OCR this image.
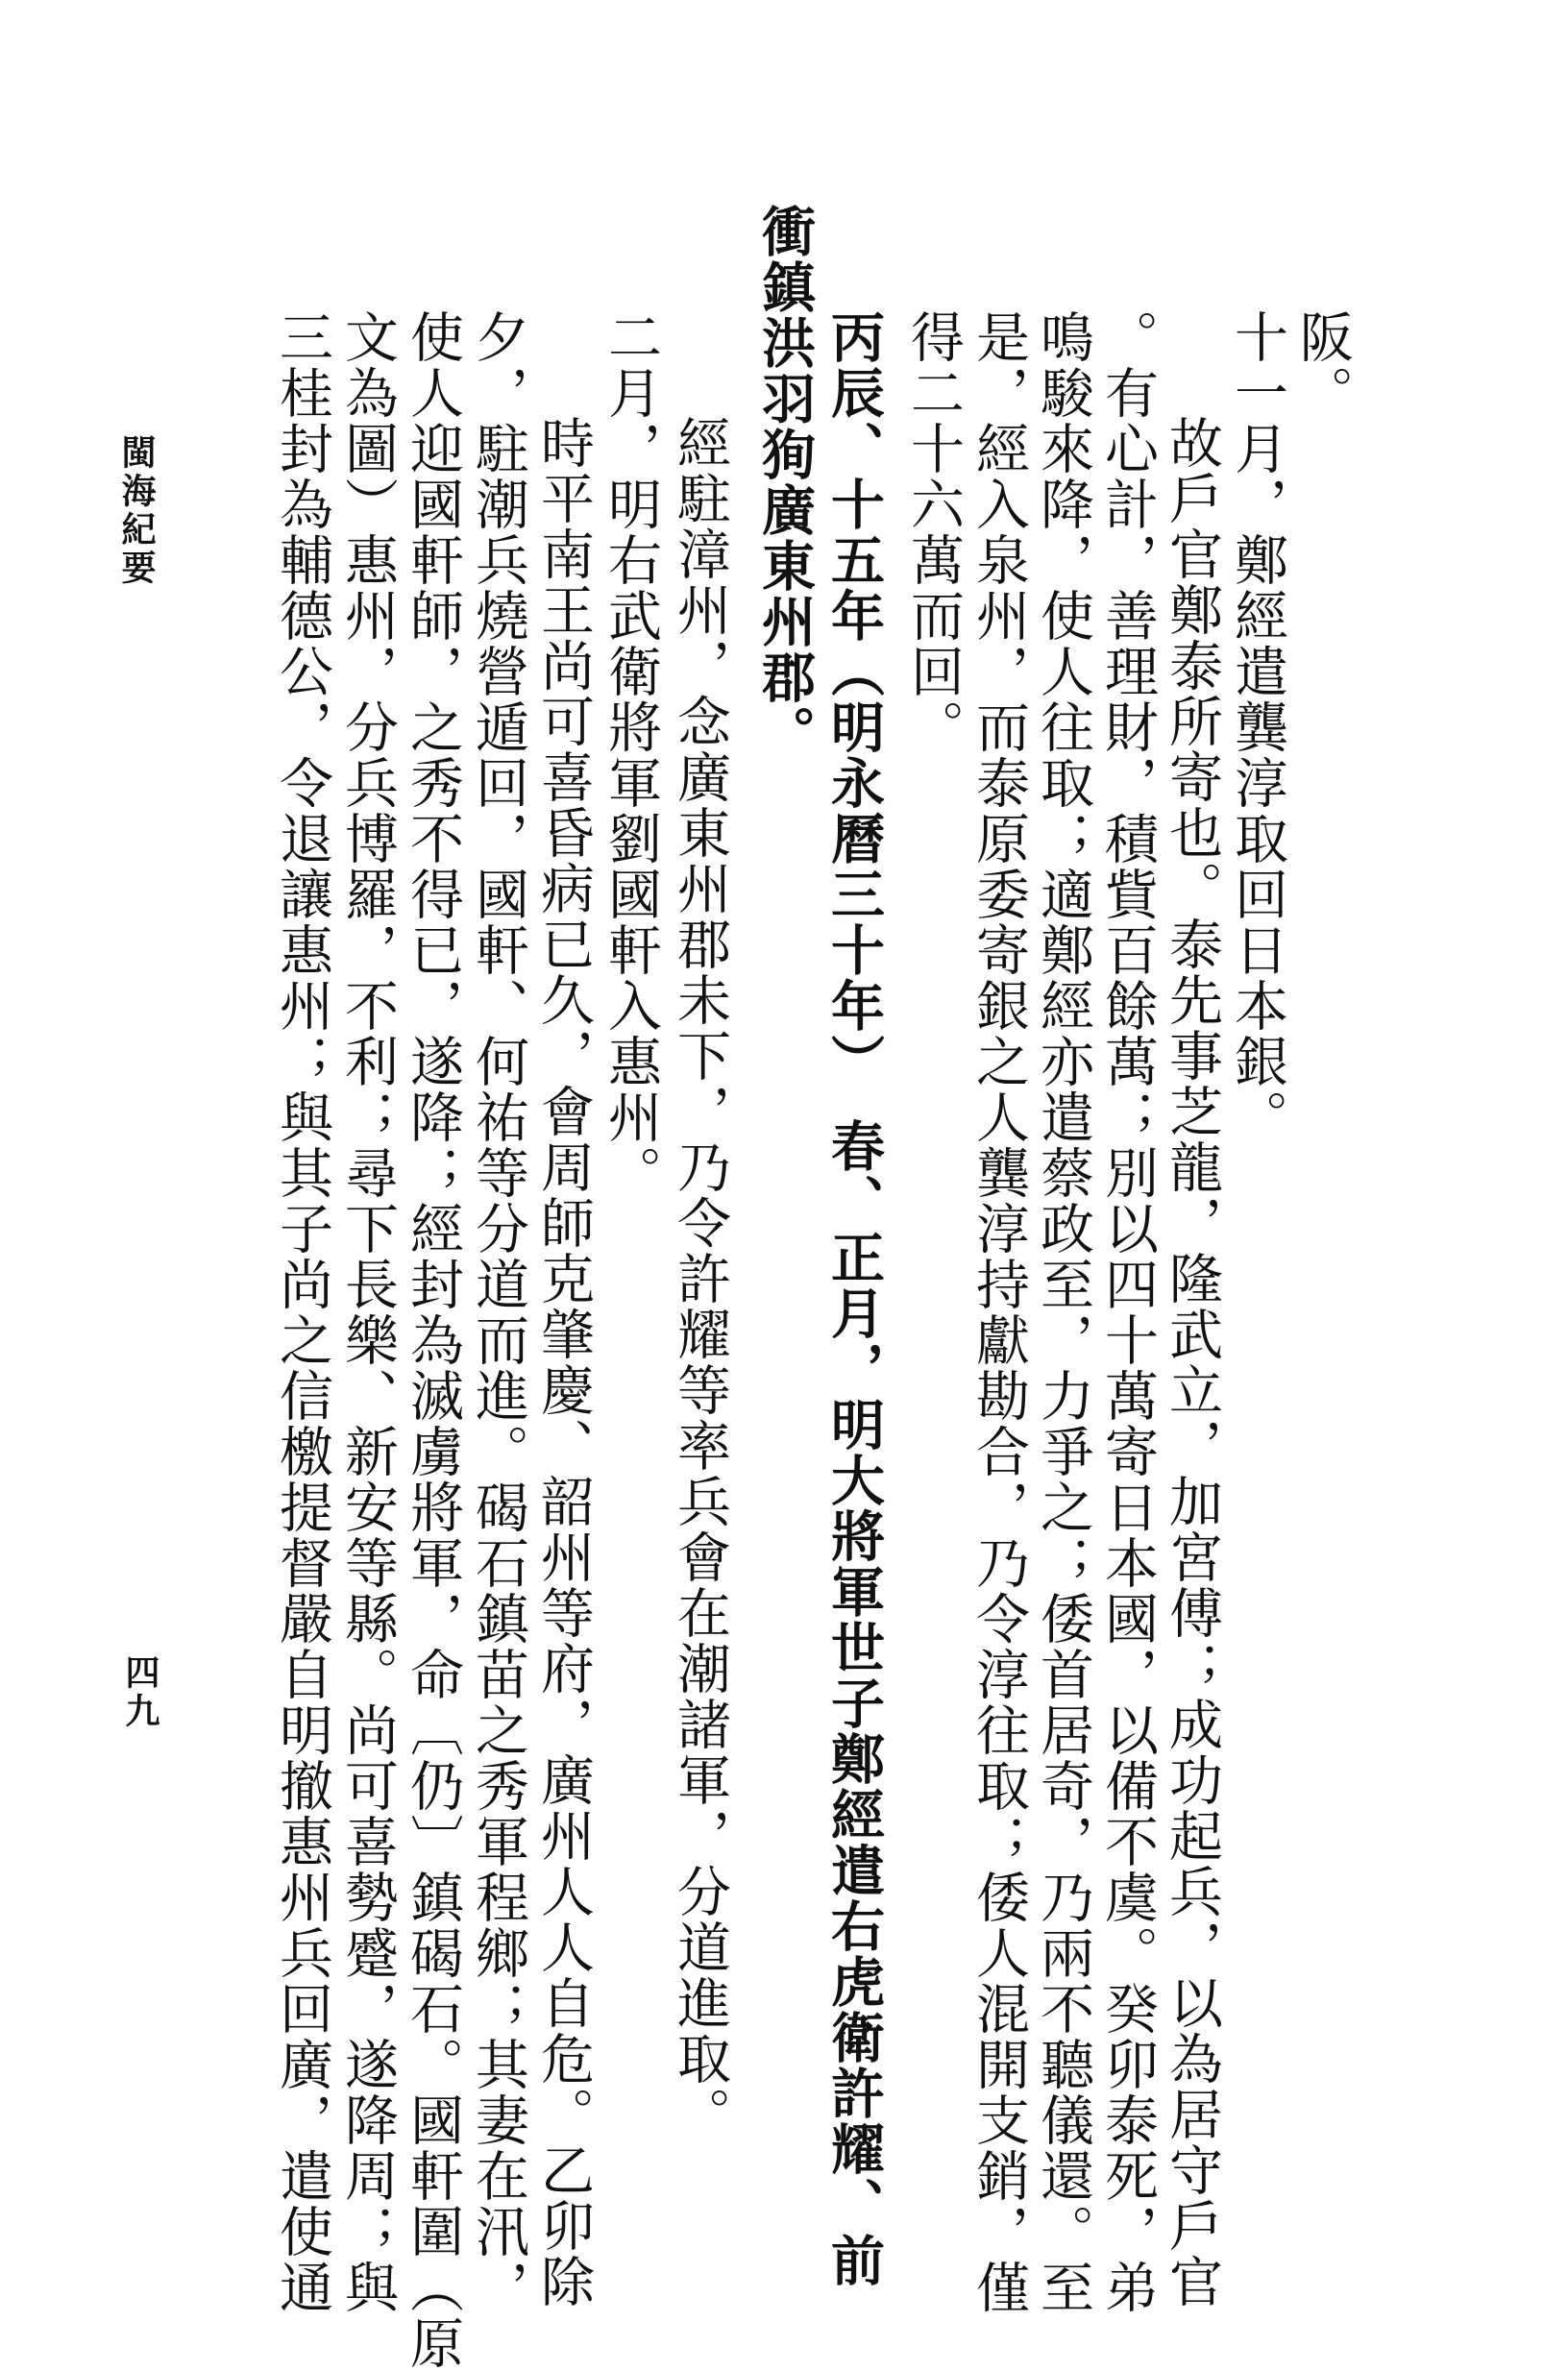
阪。
十一月，鄭經遣龔淳取回日本銀。
故戶官鄭泰所寄也。泰先事芝龍，隆武立，加宮傅；成功起兵，以為居守戶官
。有心計，善理財，積貲百餘萬；別以四十萬寄日本國，以備不虞。癸卯泰死，弟
鳴駿來降，使人往取；適鄭經亦遣蔡政至，力爭之；倭首居奇，乃兩不聽儀還。至
是，經入泉州，而泰原委寄銀之人龔淳持獻勘合，乃令淳往取；倭人混開支銷，僅
得二十六萬而回。
丙辰、十五年（明永曆三十年）　春、正月，明大將軍世子鄭經遣右虎衛許耀、前
衝鎮洪羽狥廣東州郡。
經駐漳州，念廣東州郡未下，乃令許耀等率兵會在潮諸軍，分道進取。
二月，明右武衛將軍劉國軒入惠州。
時平南王尚可喜昏病已久，會周師克肇慶、韶州等府，廣州人人自危。乙卯除
夕，駐潮兵燒營遁回，國軒、何祐等分道而進。碣石鎮苗之秀軍程鄉；其妻在汛，
使人迎國軒師，之秀不得已，遂降；經封為滅虜將軍，命〔仍〕鎮碣石。國軒圍（原
文為圖）惠州，分兵博羅，不利；尋下長樂、新安等縣。尚可喜勢蹙，遂降周；與
三桂封為輔德公，令退讓惠州；與其子尚之信檄提督嚴自明撤惠州兵回廣，遣使通
閩海紀要
四九
